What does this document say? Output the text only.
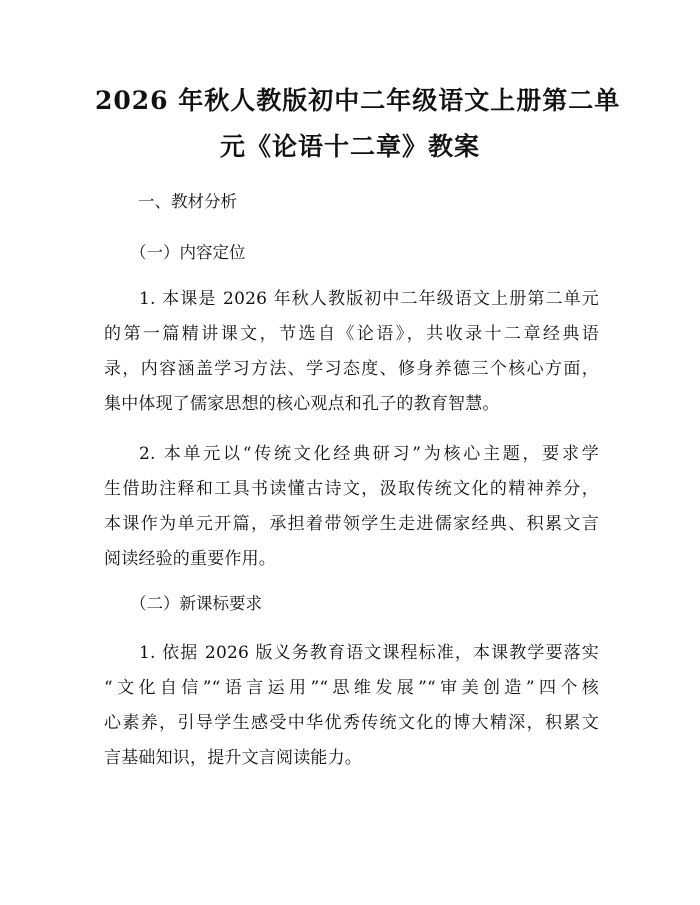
2026 年秋人教版初中二年级语文上册第二单
元《论语十二章》教案
一、教材分析
（一）内容定位
1. 本课是 2026 年秋人教版初中二年级语文上册第二单元
的第一篇精讲课文，节选自《论语》，共收录十二章经典语
录，内容涵盖学习方法、学习态度、修身养德三个核心方面，
集中体现了儒家思想的核心观点和孔子的教育智慧。
2. 本单元以“传统文化经典研习”为核心主题，要求学
生借助注释和工具书读懂古诗文，汲取传统文化的精神养分，
本课作为单元开篇，承担着带领学生走进儒家经典、积累文言
阅读经验的重要作用。
（二）新课标要求
1. 依据 2026 版义务教育语文课程标准，本课教学要落实
“文化自信”“语言运用”“思维发展”“审美创造”四个核
心素养，引导学生感受中华优秀传统文化的博大精深，积累文
言基础知识，提升文言阅读能力。
